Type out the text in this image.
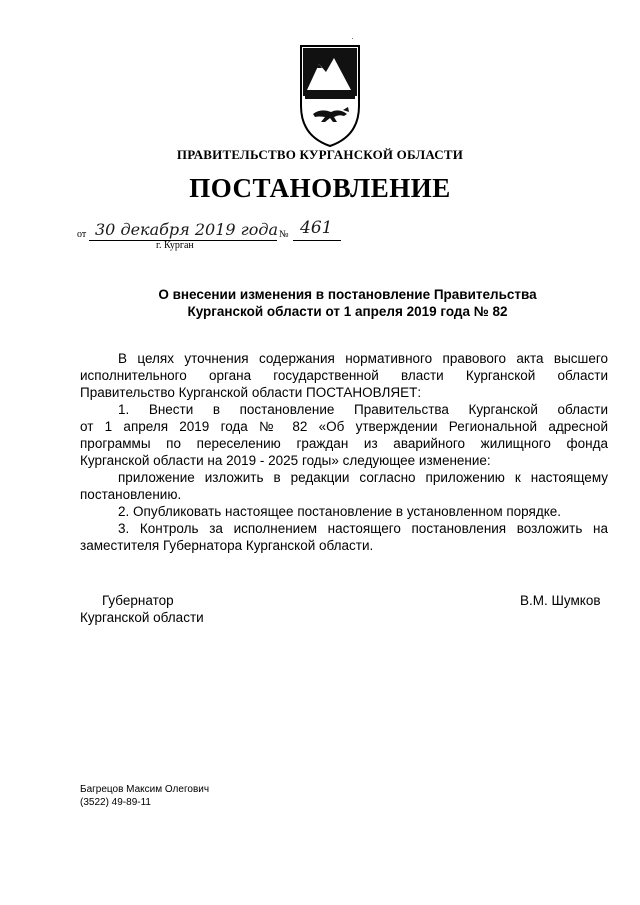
ПРАВИТЕЛЬСТВО КУРГАНСКОЙ ОБЛАСТИ
ПОСТАНОВЛЕНИЕ
от 30 декабря 2019 года № 461
г. Курган
О внесении изменения в постановление Правительства
Курганской области от 1 апреля 2019 года № 82
В целях уточнения содержания нормативного правового акта высшего
исполнительного органа государственной власти Курганской области
Правительство Курганской области ПОСТАНОВЛЯЕТ:
1. Внести в постановление Правительства Курганской области
от 1 апреля 2019 года № 82 «Об утверждении Региональной адресной
программы по переселению граждан из аварийного жилищного фонда
Курганской области на 2019 - 2025 годы» следующее изменение:
приложение изложить в редакции согласно приложению к настоящему
постановлению.
2. Опубликовать настоящее постановление в установленном порядке.
3. Контроль за исполнением настоящего постановления возложить на
заместителя Губернатора Курганской области.
Губернатор
Курганской области
В.М. Шумков
Багрецов Максим Олегович
(3522) 49-89-11
